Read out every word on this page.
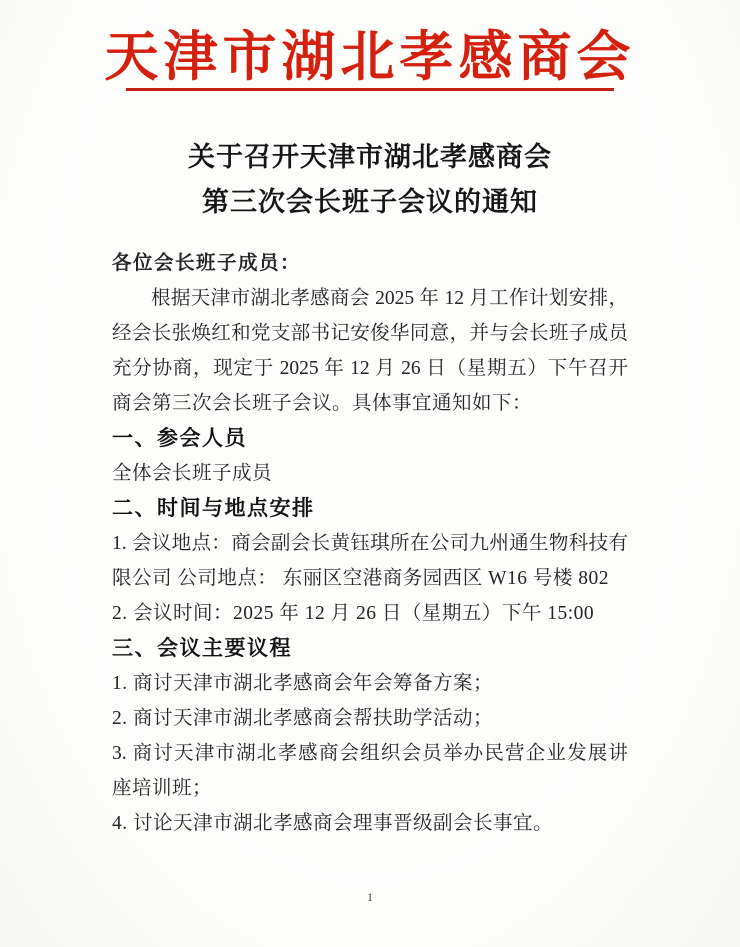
天津市湖北孝感商会
关于召开天津市湖北孝感商会
第三次会长班子会议的通知
各位会长班子成员：
根据天津市湖北孝感商会 2025 年 12 月工作计划安排，
经会长张焕红和党支部书记安俊华同意，并与会长班子成员
充分协商，现定于 2025 年 12 月 26 日（星期五）下午召开
商会第三次会长班子会议。具体事宜通知如下：
一、参会人员
全体会长班子成员
二、时间与地点安排
1. 会议地点：商会副会长黄钰琪所在公司九州通生物科技有
限公司 公司地点： 东丽区空港商务园西区 W16 号楼 802
2. 会议时间：2025 年 12 月 26 日（星期五）下午 15:00
三、会议主要议程
1. 商讨天津市湖北孝感商会年会筹备方案；
2. 商讨天津市湖北孝感商会帮扶助学活动；
3. 商讨天津市湖北孝感商会组织会员举办民营企业发展讲
座培训班；
4. 讨论天津市湖北孝感商会理事晋级副会长事宜。
1
